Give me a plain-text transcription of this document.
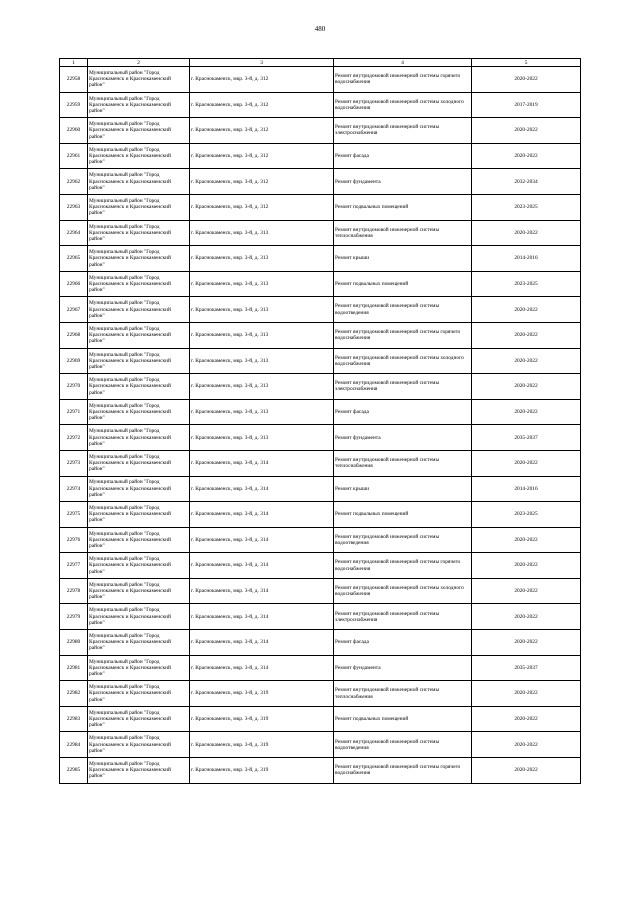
480
1	2	3	4	5
22958	Муниципальный район "Город Краснокаменск и Краснокаменский район"	г. Краснокаменск, мкр. 3-й, д. 312	Ремонт внутридомовой инженерной системы горячего водоснабжения	2020-2022
22959	Муниципальный район "Город Краснокаменск и Краснокаменский район"	г. Краснокаменск, мкр. 3-й, д. 312	Ремонт внутридомовой инженерной системы холодного водоснабжения	2017-2019
22960	Муниципальный район "Город Краснокаменск и Краснокаменский район"	г. Краснокаменск, мкр. 3-й, д. 312	Ремонт внутридомовой инженерной системы электроснабжения	2020-2022
22961	Муниципальный район "Город Краснокаменск и Краснокаменский район"	г. Краснокаменск, мкр. 3-й, д. 312	Ремонт фасада	2020-2022
22962	Муниципальный район "Город Краснокаменск и Краснокаменский район"	г. Краснокаменск, мкр. 3-й, д. 312	Ремонт фундамента	2032-2034
22963	Муниципальный район "Город Краснокаменск и Краснокаменский район"	г. Краснокаменск, мкр. 3-й, д. 312	Ремонт подвальных помещений	2023-2025
22964	Муниципальный район "Город Краснокаменск и Краснокаменский район"	г. Краснокаменск, мкр. 3-й, д. 313	Ремонт внутридомовой инженерной системы теплоснабжения	2020-2022
22965	Муниципальный район "Город Краснокаменск и Краснокаменский район"	г. Краснокаменск, мкр. 3-й, д. 313	Ремонт крыши	2014-2016
22966	Муниципальный район "Город Краснокаменск и Краснокаменский район"	г. Краснокаменск, мкр. 3-й, д. 313	Ремонт подвальных помещений	2023-2025
22967	Муниципальный район "Город Краснокаменск и Краснокаменский район"	г. Краснокаменск, мкр. 3-й, д. 313	Ремонт внутридомовой инженерной системы водоотведения	2020-2022
22968	Муниципальный район "Город Краснокаменск и Краснокаменский район"	г. Краснокаменск, мкр. 3-й, д. 313	Ремонт внутридомовой инженерной системы горячего водоснабжения	2020-2022
22969	Муниципальный район "Город Краснокаменск и Краснокаменский район"	г. Краснокаменск, мкр. 3-й, д. 313	Ремонт внутридомовой инженерной системы холодного водоснабжения	2020-2022
22970	Муниципальный район "Город Краснокаменск и Краснокаменский район"	г. Краснокаменск, мкр. 3-й, д. 313	Ремонт внутридомовой инженерной системы электроснабжения	2020-2022
22971	Муниципальный район "Город Краснокаменск и Краснокаменский район"	г. Краснокаменск, мкр. 3-й, д. 313	Ремонт фасада	2020-2022
22972	Муниципальный район "Город Краснокаменск и Краснокаменский район"	г. Краснокаменск, мкр. 3-й, д. 313	Ремонт фундамента	2035-2037
22973	Муниципальный район "Город Краснокаменск и Краснокаменский район"	г. Краснокаменск, мкр. 3-й, д. 314	Ремонт внутридомовой инженерной системы теплоснабжения	2020-2022
22974	Муниципальный район "Город Краснокаменск и Краснокаменский район"	г. Краснокаменск, мкр. 3-й, д. 314	Ремонт крыши	2014-2016
22975	Муниципальный район "Город Краснокаменск и Краснокаменский район"	г. Краснокаменск, мкр. 3-й, д. 314	Ремонт подвальных помещений	2023-2025
22976	Муниципальный район "Город Краснокаменск и Краснокаменский район"	г. Краснокаменск, мкр. 3-й, д. 314	Ремонт внутридомовой инженерной системы водоотведения	2020-2022
22977	Муниципальный район "Город Краснокаменск и Краснокаменский район"	г. Краснокаменск, мкр. 3-й, д. 314	Ремонт внутридомовой инженерной системы горячего водоснабжения	2020-2022
22978	Муниципальный район "Город Краснокаменск и Краснокаменский район"	г. Краснокаменск, мкр. 3-й, д. 314	Ремонт внутридомовой инженерной системы холодного водоснабжения	2020-2022
22979	Муниципальный район "Город Краснокаменск и Краснокаменский район"	г. Краснокаменск, мкр. 3-й, д. 314	Ремонт внутридомовой инженерной системы электроснабжения	2020-2022
22980	Муниципальный район "Город Краснокаменск и Краснокаменский район"	г. Краснокаменск, мкр. 3-й, д. 314	Ремонт фасада	2020-2022
22981	Муниципальный район "Город Краснокаменск и Краснокаменский район"	г. Краснокаменск, мкр. 3-й, д. 314	Ремонт фундамента	2035-2037
22982	Муниципальный район "Город Краснокаменск и Краснокаменский район"	г. Краснокаменск, мкр. 3-й, д. 319	Ремонт внутридомовой инженерной системы теплоснабжения	2020-2022
22983	Муниципальный район "Город Краснокаменск и Краснокаменский район"	г. Краснокаменск, мкр. 3-й, д. 319	Ремонт подвальных помещений	2020-2022
22984	Муниципальный район "Город Краснокаменск и Краснокаменский район"	г. Краснокаменск, мкр. 3-й, д. 319	Ремонт внутридомовой инженерной системы водоотведения	2020-2022
22985	Муниципальный район "Город Краснокаменск и Краснокаменский район"	г. Краснокаменск, мкр. 3-й, д. 319	Ремонт внутридомовой инженерной системы горячего водоснабжения	2020-2022
